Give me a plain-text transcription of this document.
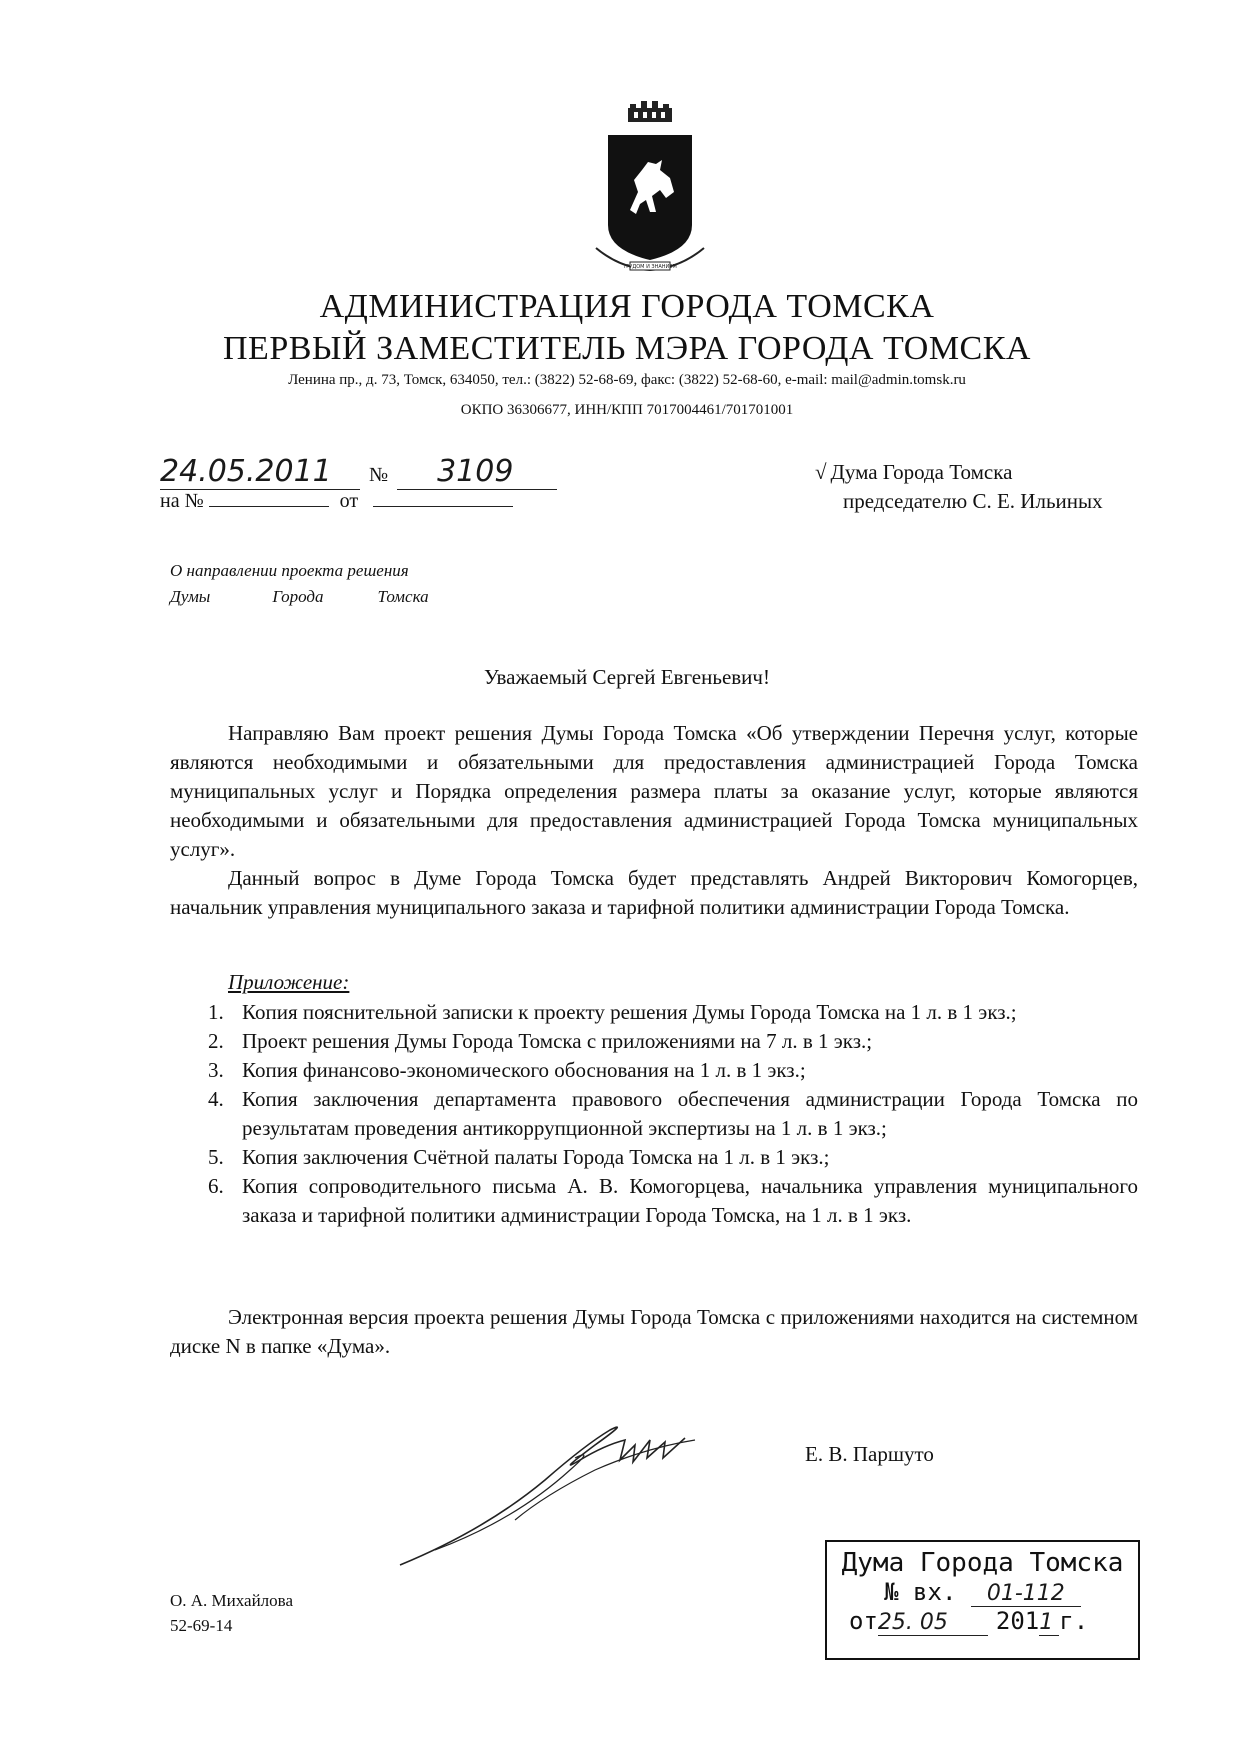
ТРУДОМ И ЗНАНИЕМ
АДМИНИСТРАЦИЯ ГОРОДА ТОМСКА
ПЕРВЫЙ ЗАМЕСТИТЕЛЬ МЭРА ГОРОДА ТОМСКА
Ленина пр., д. 73, Томск, 634050, тел.: (3822) 52-68-69, факс: (3822) 52-68-60, e-mail: mail@admin.tomsk.ru
ОКПО 36306677, ИНН/КПП 7017004461/701701001
24.05.2011 № 3109
на №	от
√ Дума Города Томска
председателю С. Е. Ильиных
О направлении проекта решения
Думы	Города	Томска
Уважаемый Сергей Евгеньевич!
Направляю Вам проект решения Думы Города Томска «Об утверждении Перечня услуг, которые являются необходимыми и обязательными для предоставления администрацией Города Томска муниципальных услуг и Порядка определения размера платы за оказание услуг, которые являются необходимыми и обязательными для предоставления администрацией Города Томска муниципальных услуг».
Данный вопрос в Думе Города Томска будет представлять Андрей Викторович Комогорцев, начальник управления муниципального заказа и тарифной политики администрации Города Томска.
Приложение:
1. Копия пояснительной записки к проекту решения Думы Города Томска на 1 л. в 1 экз.;
2. Проект решения Думы Города Томска с приложениями на 7 л. в 1 экз.;
3. Копия финансово-экономического обоснования на 1 л. в 1 экз.;
4. Копия заключения департамента правового обеспечения администрации Города Томска по результатам проведения антикоррупционной экспертизы на 1 л. в 1 экз.;
5. Копия заключения Счётной палаты Города Томска на 1 л. в 1 экз.;
6. Копия сопроводительного письма А. В. Комогорцева, начальника управления муниципального заказа и тарифной политики администрации Города Томска, на 1 л. в 1 экз.
Электронная версия проекта решения Думы Города Томска с приложениями находится на системном диске N в папке «Дума».
Е. В. Паршуто
О. А. Михайлова
52-69-14
Дума Города Томска
№ вх. 01-112
от25. 05 2011 г.
